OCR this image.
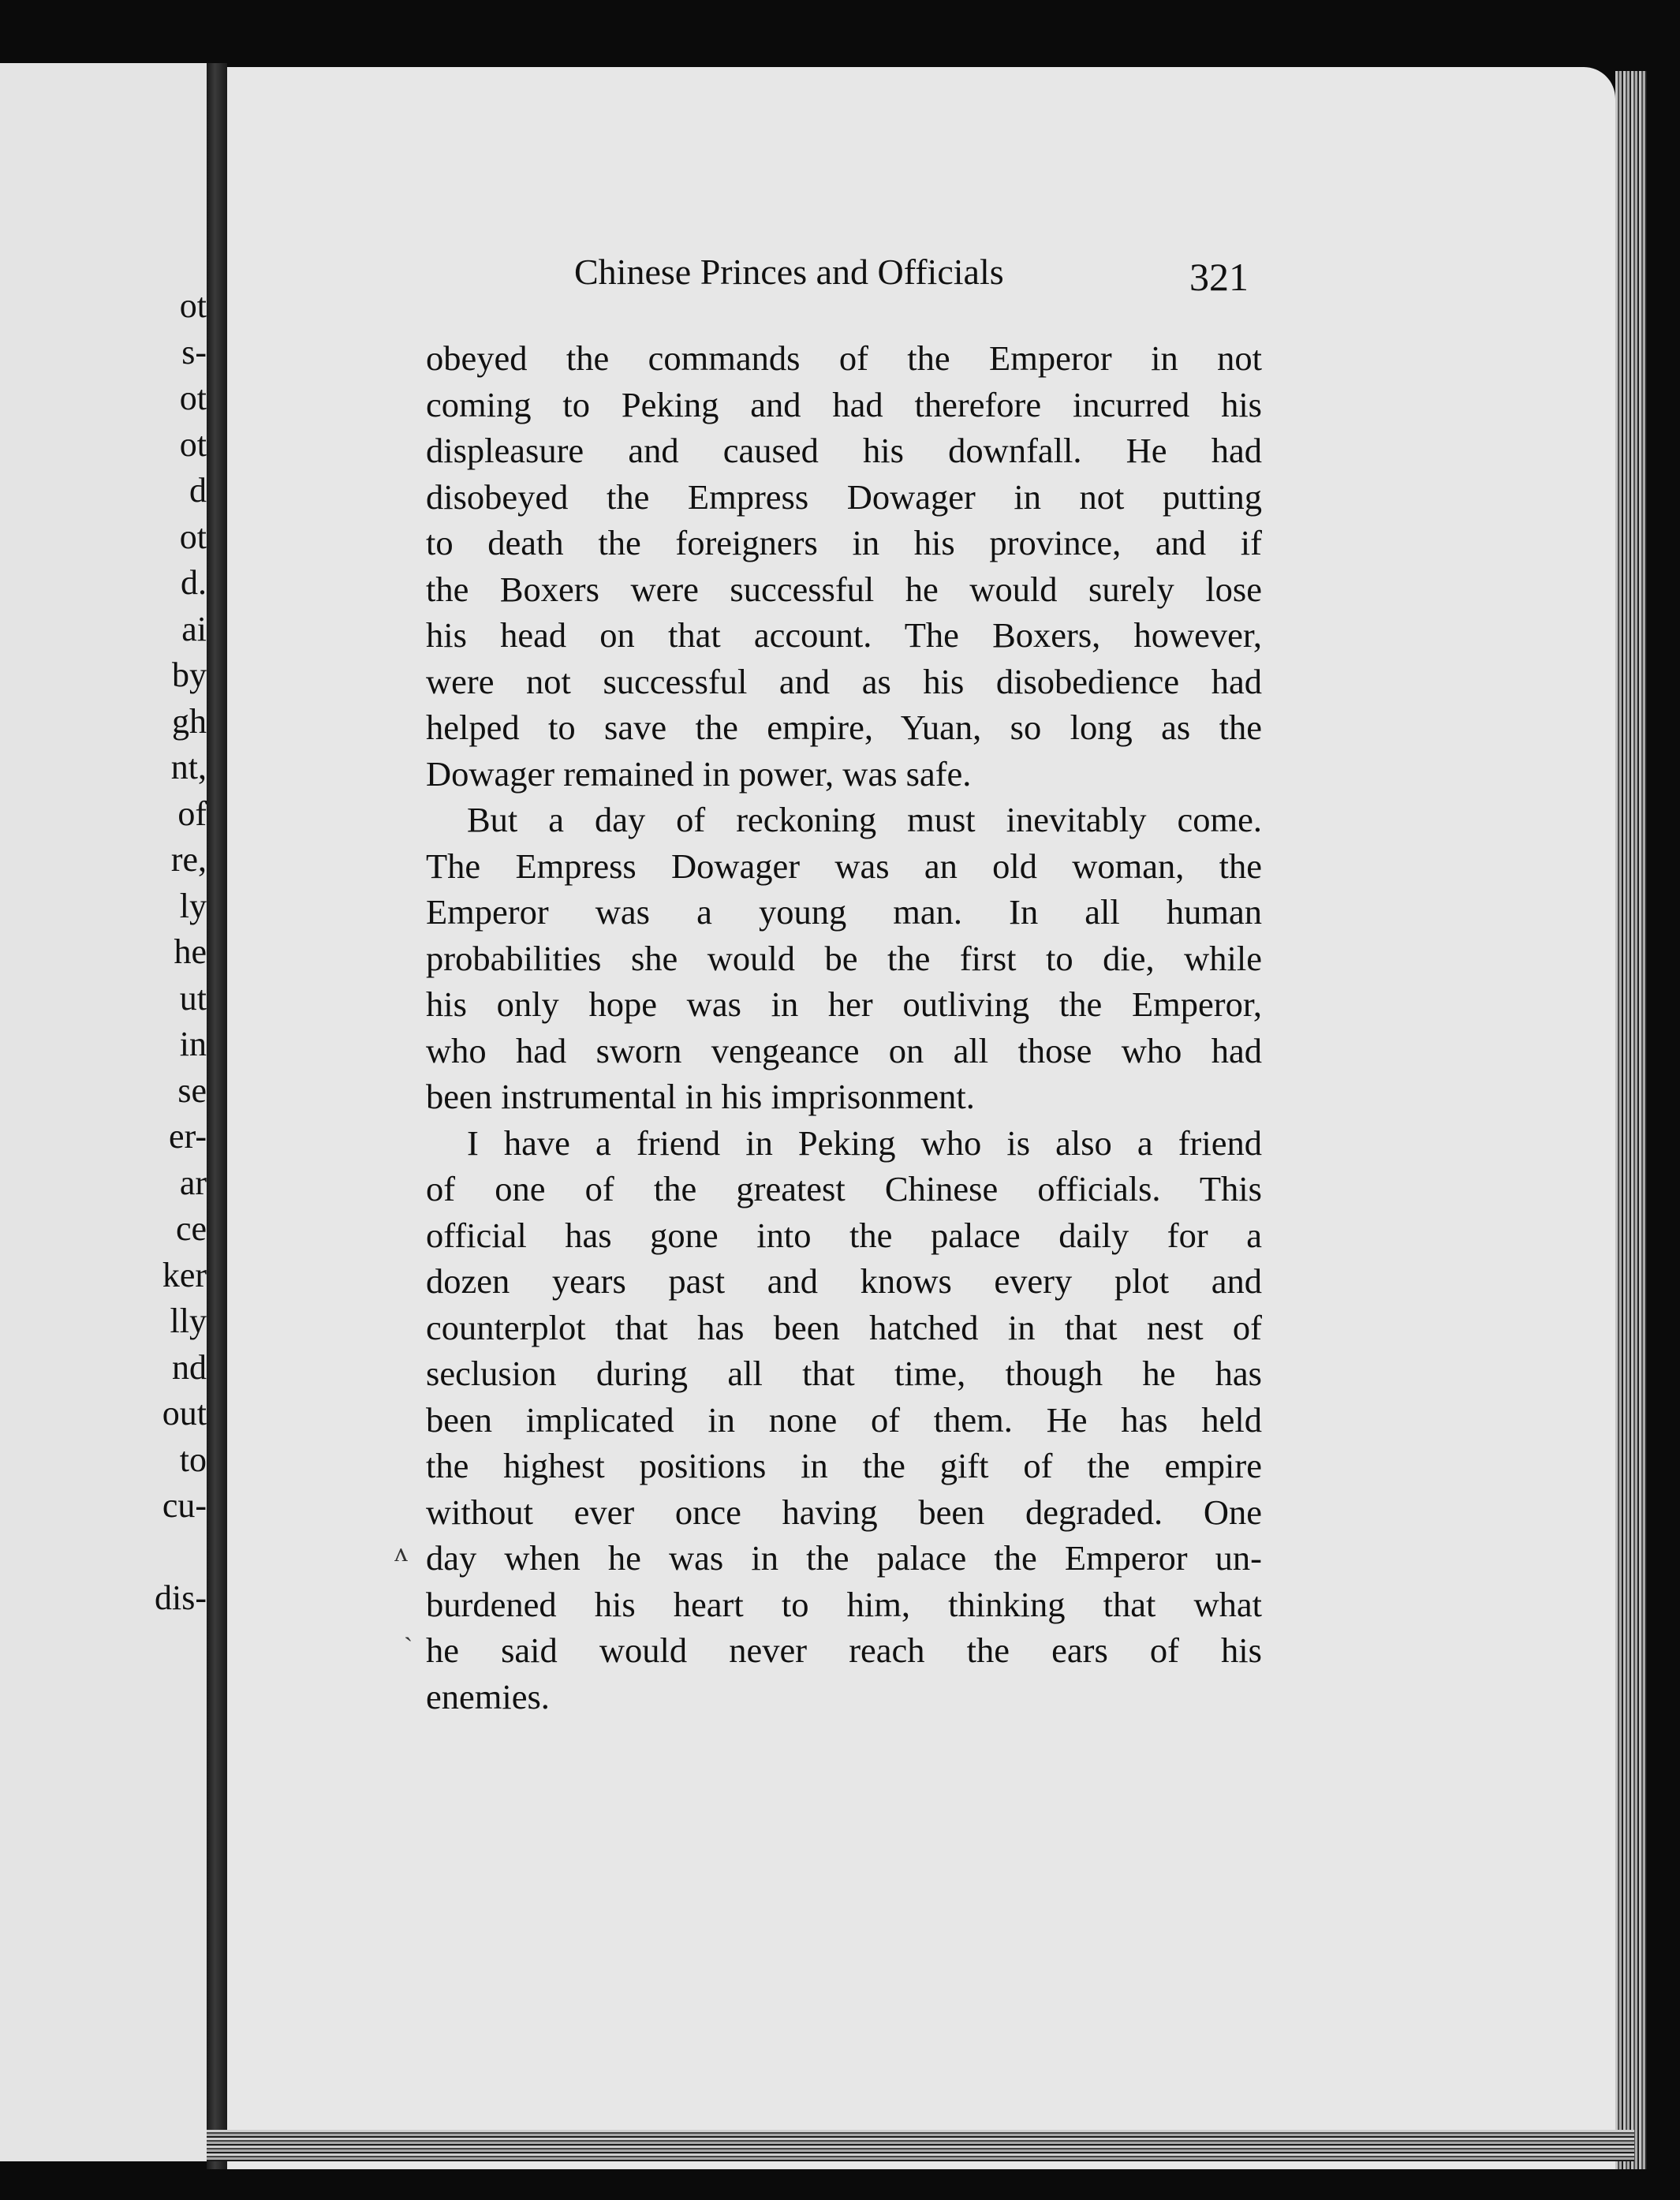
ot
s-
ot
ot
d
ot
d.
ai
by
gh
nt,
of
re,
ly
he
ut
in
se
er-
ar
ce
ker
lly
nd
out
to
cu-
dis-
Chinese Princes and Officials	321
obeyed the commands of the Emperor in not
coming to Peking and had therefore incurred his
displeasure and caused his downfall. He had
disobeyed the Empress Dowager in not putting
to death the foreigners in his province, and if
the Boxers were successful he would surely lose
his head on that account. The Boxers, however,
were not successful and as his disobedience had
helped to save the empire, Yuan, so long as the
Dowager remained in power, was safe.
But a day of reckoning must inevitably come.
The Empress Dowager was an old woman, the
Emperor was a young man. In all human
probabilities she would be the first to die, while
his only hope was in her outliving the Emperor,
who had sworn vengeance on all those who had
been instrumental in his imprisonment.
I have a friend in Peking who is also a friend
of one of the greatest Chinese officials. This
official has gone into the palace daily for a
dozen years past and knows every plot and
counterplot that has been hatched in that nest of
seclusion during all that time, though he has
been implicated in none of them. He has held
the highest positions in the gift of the empire
without ever once having been degraded. One
day when he was in the palace the Emperor un-
burdened his heart to him, thinking that what
he said would never reach the ears of his
enemies.
ʌ
`
